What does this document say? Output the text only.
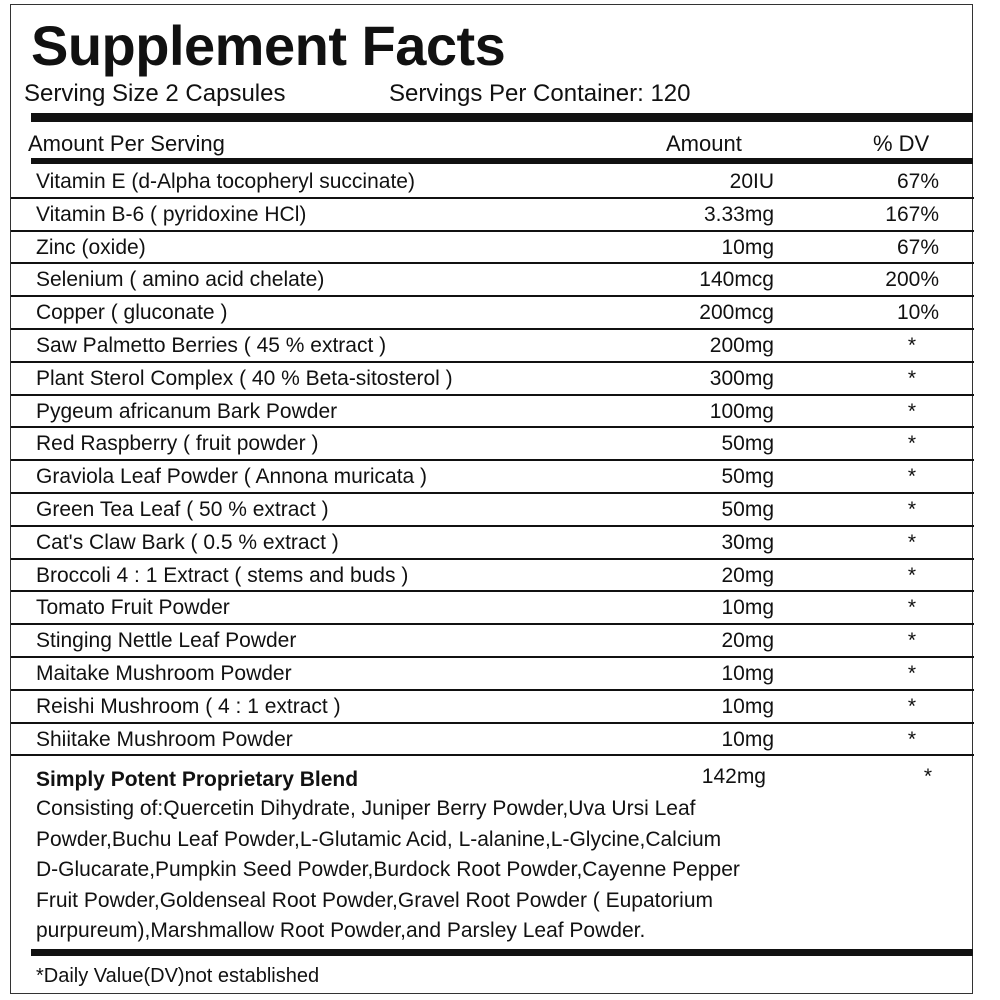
Supplement Facts
Serving Size 2 Capsules	Servings Per Container: 120
Amount Per Serving	Amount	% DV
Vitamin E (d-Alpha tocopheryl succinate)	20IU	67%
Vitamin B-6 ( pyridoxine HCl)	3.33mg	167%
Zinc (oxide)	10mg	67%
Selenium ( amino acid chelate)	140mcg	200%
Copper ( gluconate )	200mcg	10%
Saw Palmetto Berries ( 45 % extract )	200mg	*
Plant Sterol Complex ( 40 % Beta-sitosterol )	300mg	*
Pygeum africanum Bark Powder	100mg	*
Red Raspberry ( fruit powder )	50mg	*
Graviola Leaf Powder ( Annona muricata )	50mg	*
Green Tea Leaf ( 50 % extract )	50mg	*
Cat's Claw Bark ( 0.5 % extract )	30mg	*
Broccoli 4 : 1 Extract ( stems and buds )	20mg	*
Tomato Fruit Powder	10mg	*
Stinging Nettle Leaf Powder	20mg	*
Maitake Mushroom Powder	10mg	*
Reishi Mushroom ( 4 : 1 extract )	10mg	*
Shiitake Mushroom Powder	10mg	*
Simply Potent Proprietary Blend	142mg	*
Consisting of:Quercetin Dihydrate, Juniper Berry Powder,Uva Ursi Leaf
Powder,Buchu Leaf Powder,L-Glutamic Acid, L-alanine,L-Glycine,Calcium
D-Glucarate,Pumpkin Seed Powder,Burdock Root Powder,Cayenne Pepper
Fruit Powder,Goldenseal Root Powder,Gravel Root Powder ( Eupatorium
purpureum),Marshmallow Root Powder,and Parsley Leaf Powder.
*Daily Value(DV)not established
